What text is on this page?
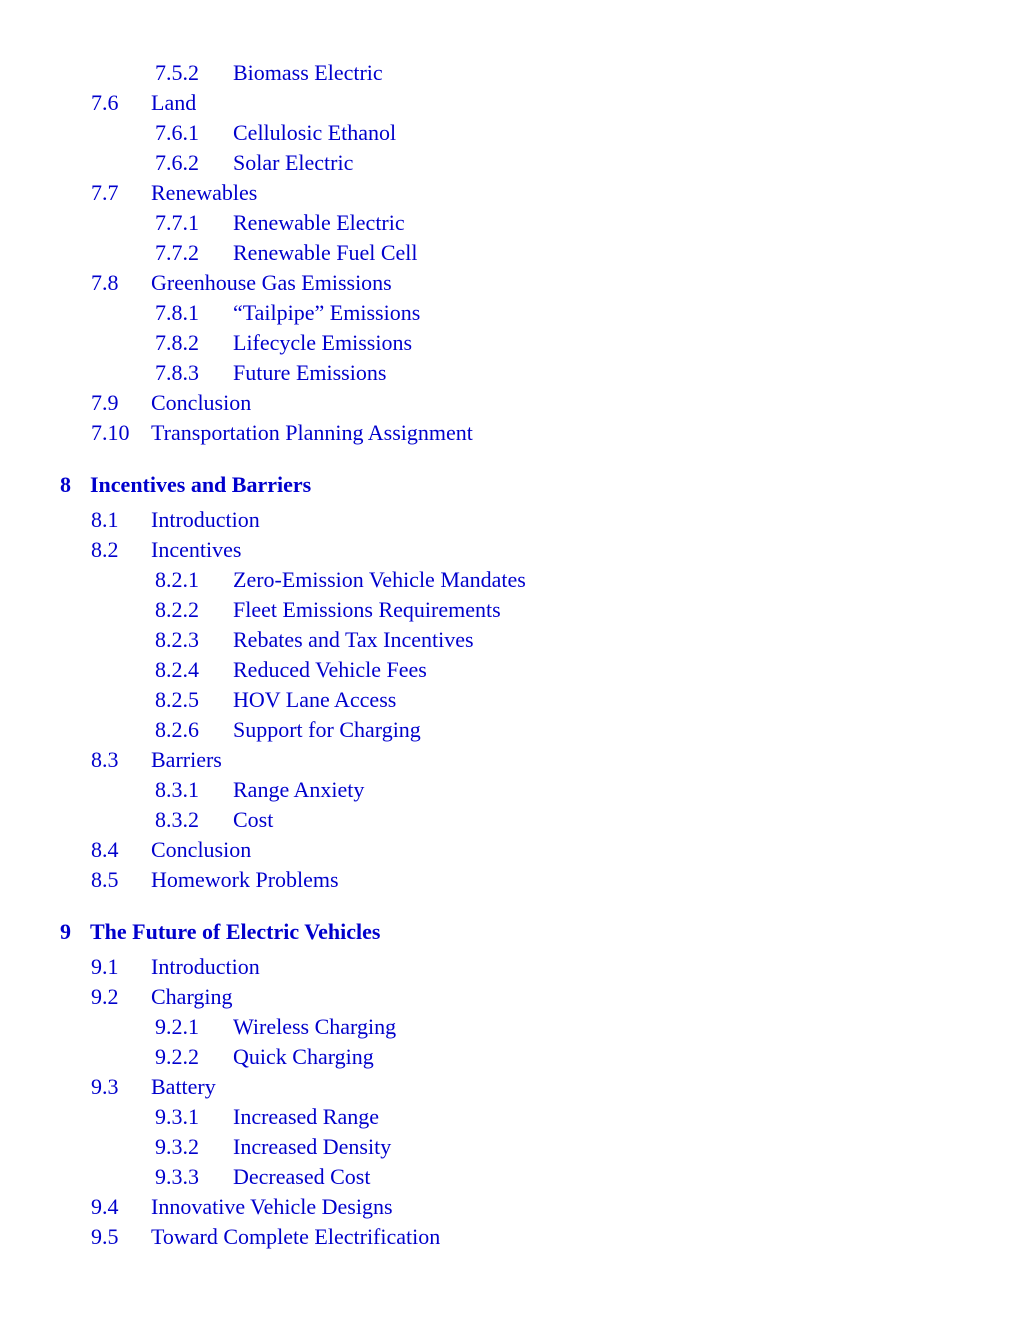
7.5.2 Biomass Electric
7.6 Land
7.6.1 Cellulosic Ethanol
7.6.2 Solar Electric
7.7 Renewables
7.7.1 Renewable Electric
7.7.2 Renewable Fuel Cell
7.8 Greenhouse Gas Emissions
7.8.1 “Tailpipe” Emissions
7.8.2 Lifecycle Emissions
7.8.3 Future Emissions
7.9 Conclusion
7.10 Transportation Planning Assignment
8 Incentives and Barriers
8.1 Introduction
8.2 Incentives
8.2.1 Zero-Emission Vehicle Mandates
8.2.2 Fleet Emissions Requirements
8.2.3 Rebates and Tax Incentives
8.2.4 Reduced Vehicle Fees
8.2.5 HOV Lane Access
8.2.6 Support for Charging
8.3 Barriers
8.3.1 Range Anxiety
8.3.2 Cost
8.4 Conclusion
8.5 Homework Problems
9 The Future of Electric Vehicles
9.1 Introduction
9.2 Charging
9.2.1 Wireless Charging
9.2.2 Quick Charging
9.3 Battery
9.3.1 Increased Range
9.3.2 Increased Density
9.3.3 Decreased Cost
9.4 Innovative Vehicle Designs
9.5 Toward Complete Electrification
